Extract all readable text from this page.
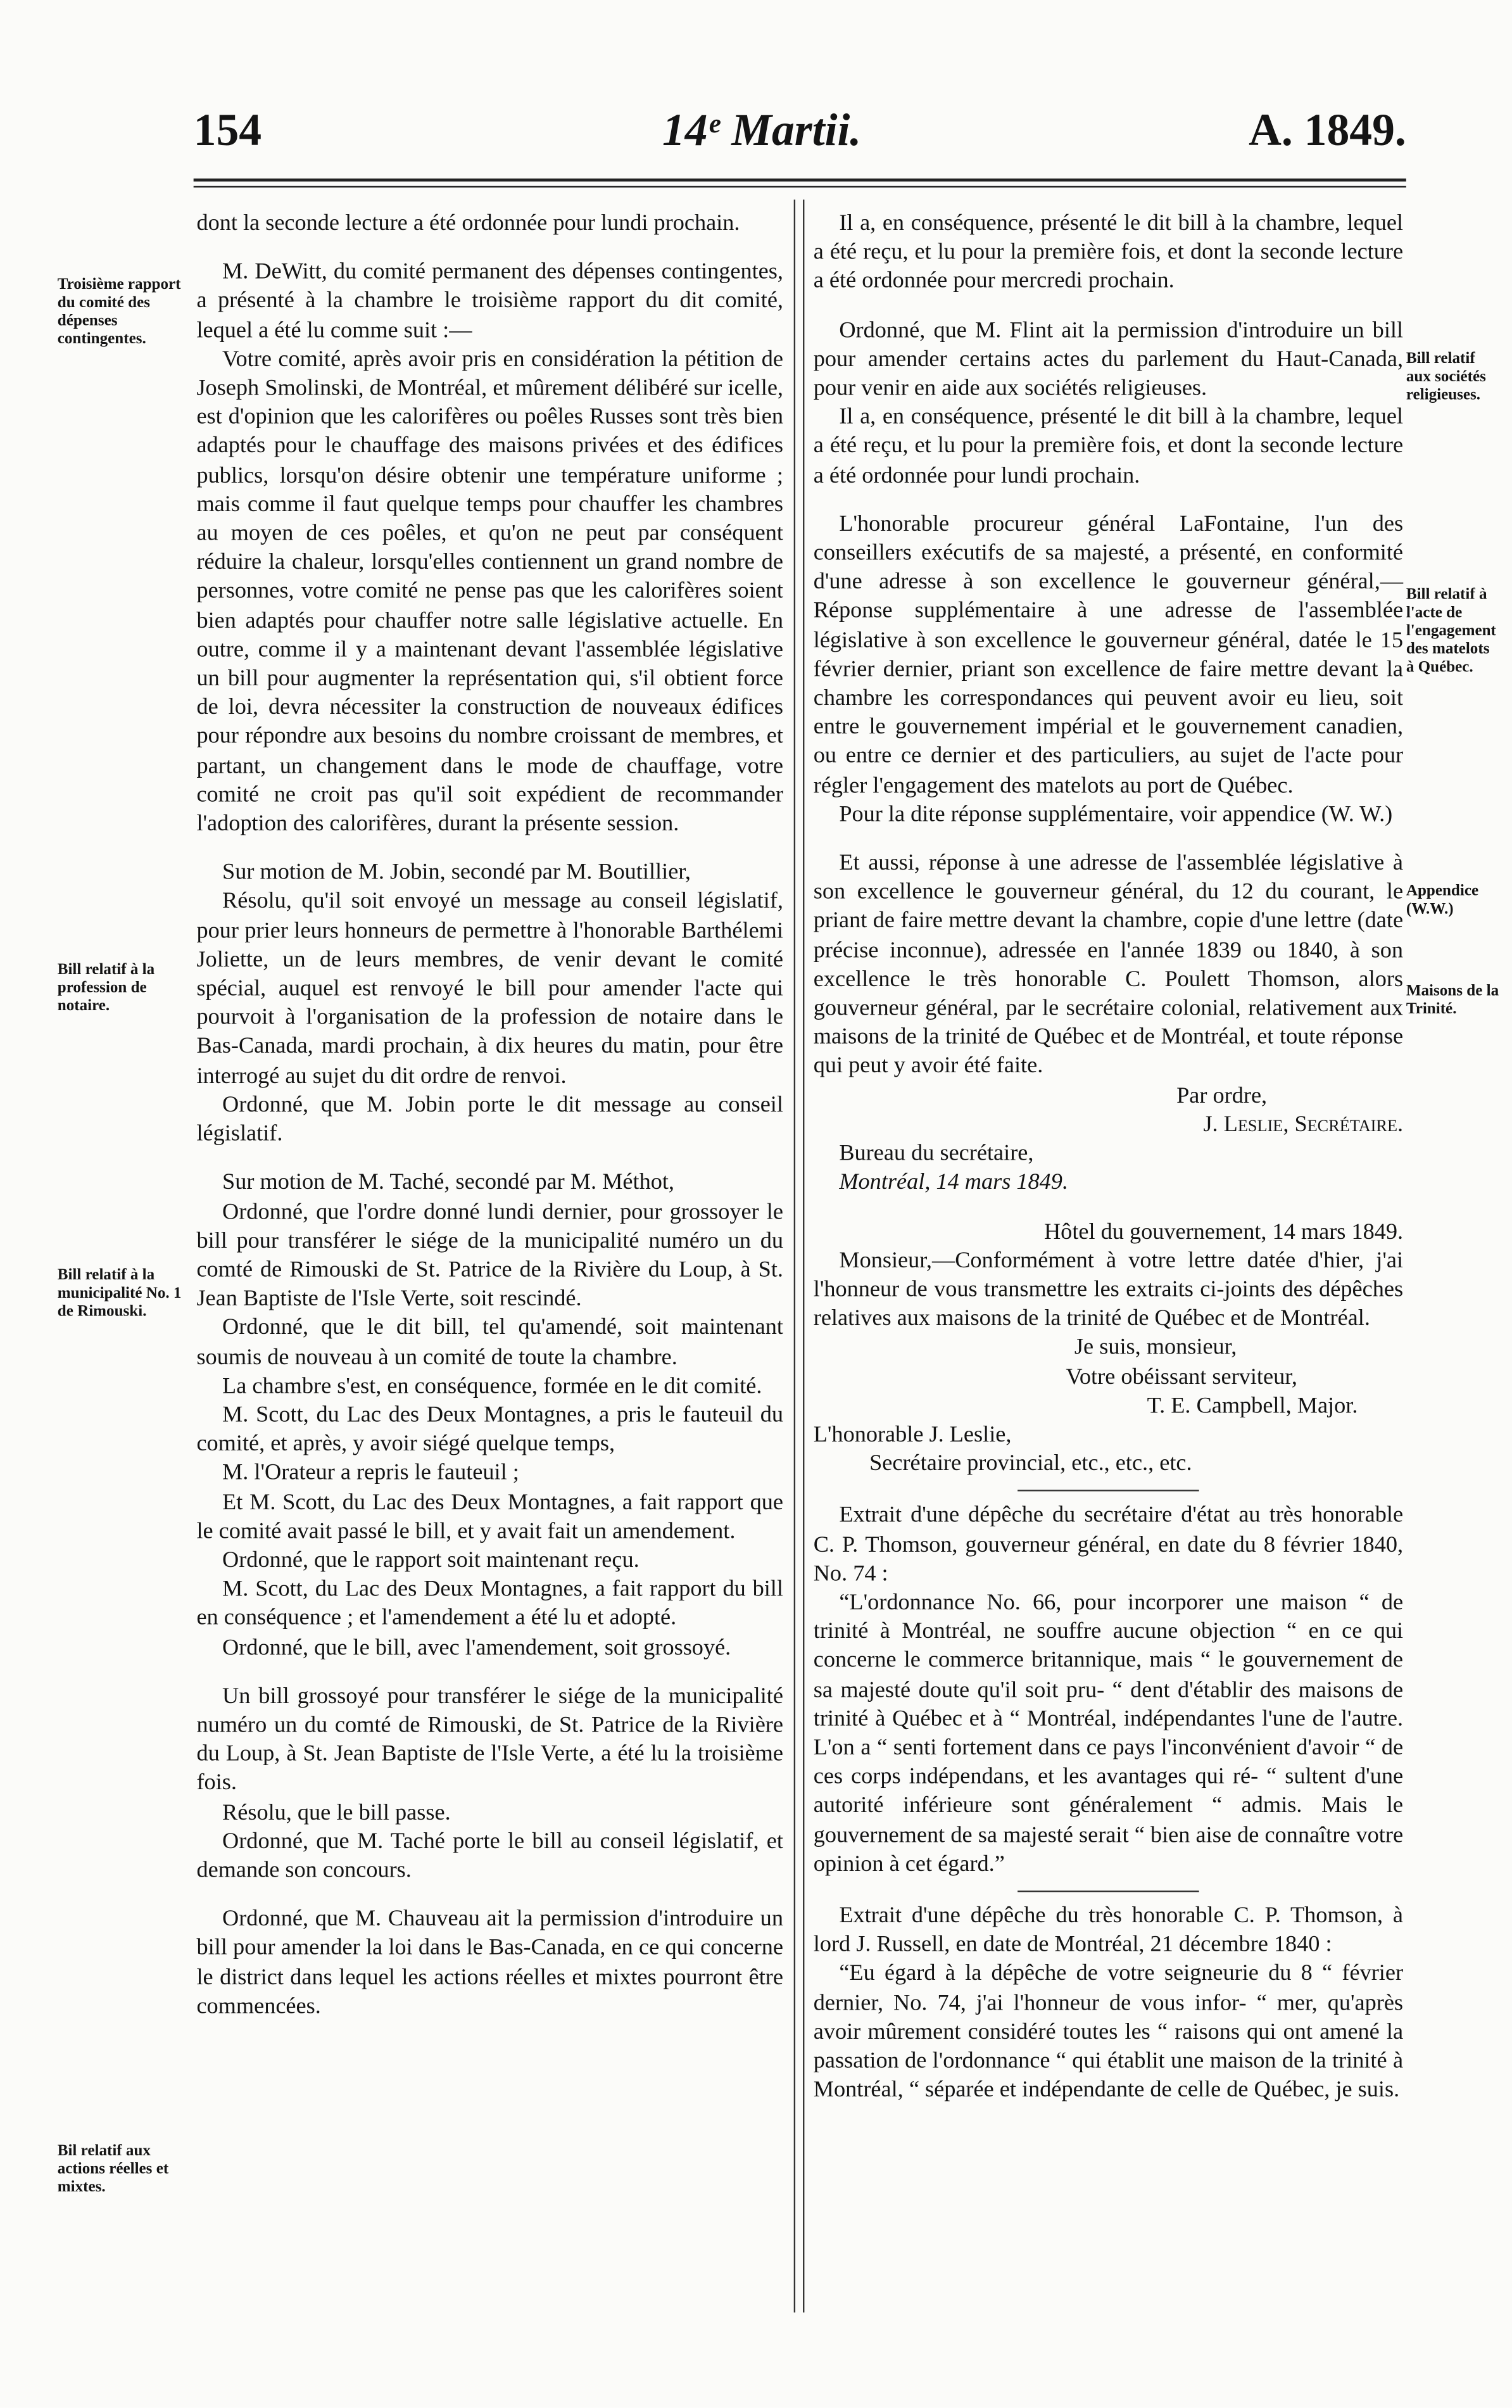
154	14ᵉ Martii.	A. 1849.
Troisième rapport du comité des dépenses contingentes.
Bill relatif à la profession de notaire.
Bill relatif à la municipalité No. 1 de Rimouski.
Bil relatif aux actions réelles et mixtes.
Bill relatif aux sociétés religieuses.
Bill relatif à l'acte de l'engagement des matelots à Québec.
Appendice (W.W.)
Maisons de la Trinité.

dont la seconde lecture a été ordonnée pour lundi prochain.

M. DeWitt, du comité permanent des dépenses contingentes, a présenté à la chambre le troisième rapport du dit comité, lequel a été lu comme suit :—

Votre comité, après avoir pris en considération la pétition de Joseph Smolinski, de Montréal, et mûrement délibéré sur icelle, est d'opinion que les calorifères ou poêles Russes sont très bien adaptés pour le chauffage des maisons privées et des édifices publics, lorsqu'on désire obtenir une température uniforme ; mais comme il faut quelque temps pour chauffer les chambres au moyen de ces poêles, et qu'on ne peut par conséquent réduire la chaleur, lorsqu'elles contiennent un grand nombre de personnes, votre comité ne pense pas que les calorifères soient bien adaptés pour chauffer notre salle législative actuelle. En outre, comme il y a maintenant devant l'assemblée législative un bill pour augmenter la représentation qui, s'il obtient force de loi, devra nécessiter la construction de nouveaux édifices pour répondre aux besoins du nombre croissant de membres, et partant, un changement dans le mode de chauffage, votre comité ne croit pas qu'il soit expédient de recommander l'adoption des calorifères, durant la présente session.

Sur motion de M. Jobin, secondé par M. Boutillier,

Résolu, qu'il soit envoyé un message au conseil législatif, pour prier leurs honneurs de permettre à l'honorable Barthélemi Joliette, un de leurs membres, de venir devant le comité spécial, auquel est renvoyé le bill pour amender l'acte qui pourvoit à l'organisation de la profession de notaire dans le Bas-Canada, mardi prochain, à dix heures du matin, pour être interrogé au sujet du dit ordre de renvoi.

Ordonné, que M. Jobin porte le dit message au conseil législatif.

Sur motion de M. Taché, secondé par M. Méthot,

Ordonné, que l'ordre donné lundi dernier, pour grossoyer le bill pour transférer le siége de la municipalité numéro un du comté de Rimouski de St. Patrice de la Rivière du Loup, à St. Jean Baptiste de l'Isle Verte, soit rescindé.

Ordonné, que le dit bill, tel qu'amendé, soit maintenant soumis de nouveau à un comité de toute la chambre.

La chambre s'est, en conséquence, formée en le dit comité.

M. Scott, du Lac des Deux Montagnes, a pris le fauteuil du comité, et après, y avoir siégé quelque temps,

M. l'Orateur a repris le fauteuil ;

Et M. Scott, du Lac des Deux Montagnes, a fait rapport que le comité avait passé le bill, et y avait fait un amendement.

Ordonné, que le rapport soit maintenant reçu.

M. Scott, du Lac des Deux Montagnes, a fait rapport du bill en conséquence ; et l'amendement a été lu et adopté.

Ordonné, que le bill, avec l'amendement, soit grossoyé.

Un bill grossoyé pour transférer le siége de la municipalité numéro un du comté de Rimouski, de St. Patrice de la Rivière du Loup, à St. Jean Baptiste de l'Isle Verte, a été lu la troisième fois.

Résolu, que le bill passe.

Ordonné, que M. Taché porte le bill au conseil législatif, et demande son concours.

Ordonné, que M. Chauveau ait la permission d'introduire un bill pour amender la loi dans le Bas-Canada, en ce qui concerne le district dans lequel les actions réelles et mixtes pourront être commencées.

Il a, en conséquence, présenté le dit bill à la chambre, lequel a été reçu, et lu pour la première fois, et dont la seconde lecture a été ordonnée pour mercredi prochain.

Ordonné, que M. Flint ait la permission d'introduire un bill pour amender certains actes du parlement du Haut-Canada, pour venir en aide aux sociétés religieuses.

Il a, en conséquence, présenté le dit bill à la chambre, lequel a été reçu, et lu pour la première fois, et dont la seconde lecture a été ordonnée pour lundi prochain.

L'honorable procureur général LaFontaine, l'un des conseillers exécutifs de sa majesté, a présenté, en conformité d'une adresse à son excellence le gouverneur général,—Réponse supplémentaire à une adresse de l'assemblée législative à son excellence le gouverneur général, datée le 15 février dernier, priant son excellence de faire mettre devant la chambre les correspondances qui peuvent avoir eu lieu, soit entre le gouvernement impérial et le gouvernement canadien, ou entre ce dernier et des particuliers, au sujet de l'acte pour régler l'engagement des matelots au port de Québec.

Pour la dite réponse supplémentaire, voir appendice (W. W.)

Et aussi, réponse à une adresse de l'assemblée législative à son excellence le gouverneur général, du 12 du courant, le priant de faire mettre devant la chambre, copie d'une lettre (date précise inconnue), adressée en l'année 1839 ou 1840, à son excellence le très honorable C. Poulett Thomson, alors gouverneur général, par le secrétaire colonial, relativement aux maisons de la trinité de Québec et de Montréal, et toute réponse qui peut y avoir été faite.

Par ordre,

J. Leslie, Secrétaire.

Bureau du secrétaire,

Montréal, 14 mars 1849.

Hôtel du gouvernement, 14 mars 1849.

Monsieur,—Conformément à votre lettre datée d'hier, j'ai l'honneur de vous transmettre les extraits ci-joints des dépêches relatives aux maisons de la trinité de Québec et de Montréal.

Je suis, monsieur,

Votre obéissant serviteur,

T. E. Campbell, Major.

L'honorable J. Leslie,

Secrétaire provincial, etc., etc., etc.

Extrait d'une dépêche du secrétaire d'état au très honorable C. P. Thomson, gouverneur général, en date du 8 février 1840, No. 74 :

“L'ordonnance No. 66, pour incorporer une maison “ de trinité à Montréal, ne souffre aucune objection “ en ce qui concerne le commerce britannique, mais “ le gouvernement de sa majesté doute qu'il soit pru- “ dent d'établir des maisons de trinité à Québec et à “ Montréal, indépendantes l'une de l'autre. L'on a “ senti fortement dans ce pays l'inconvénient d'avoir “ de ces corps indépendans, et les avantages qui ré- “ sultent d'une autorité inférieure sont généralement “ admis. Mais le gouvernement de sa majesté serait “ bien aise de connaître votre opinion à cet égard.”

Extrait d'une dépêche du très honorable C. P. Thomson, à lord J. Russell, en date de Montréal, 21 décembre 1840 :

“Eu égard à la dépêche de votre seigneurie du 8 “ février dernier, No. 74, j'ai l'honneur de vous infor- “ mer, qu'après avoir mûrement considéré toutes les “ raisons qui ont amené la passation de l'ordonnance “ qui établit une maison de la trinité à Montréal, “ séparée et indépendante de celle de Québec, je suis.
